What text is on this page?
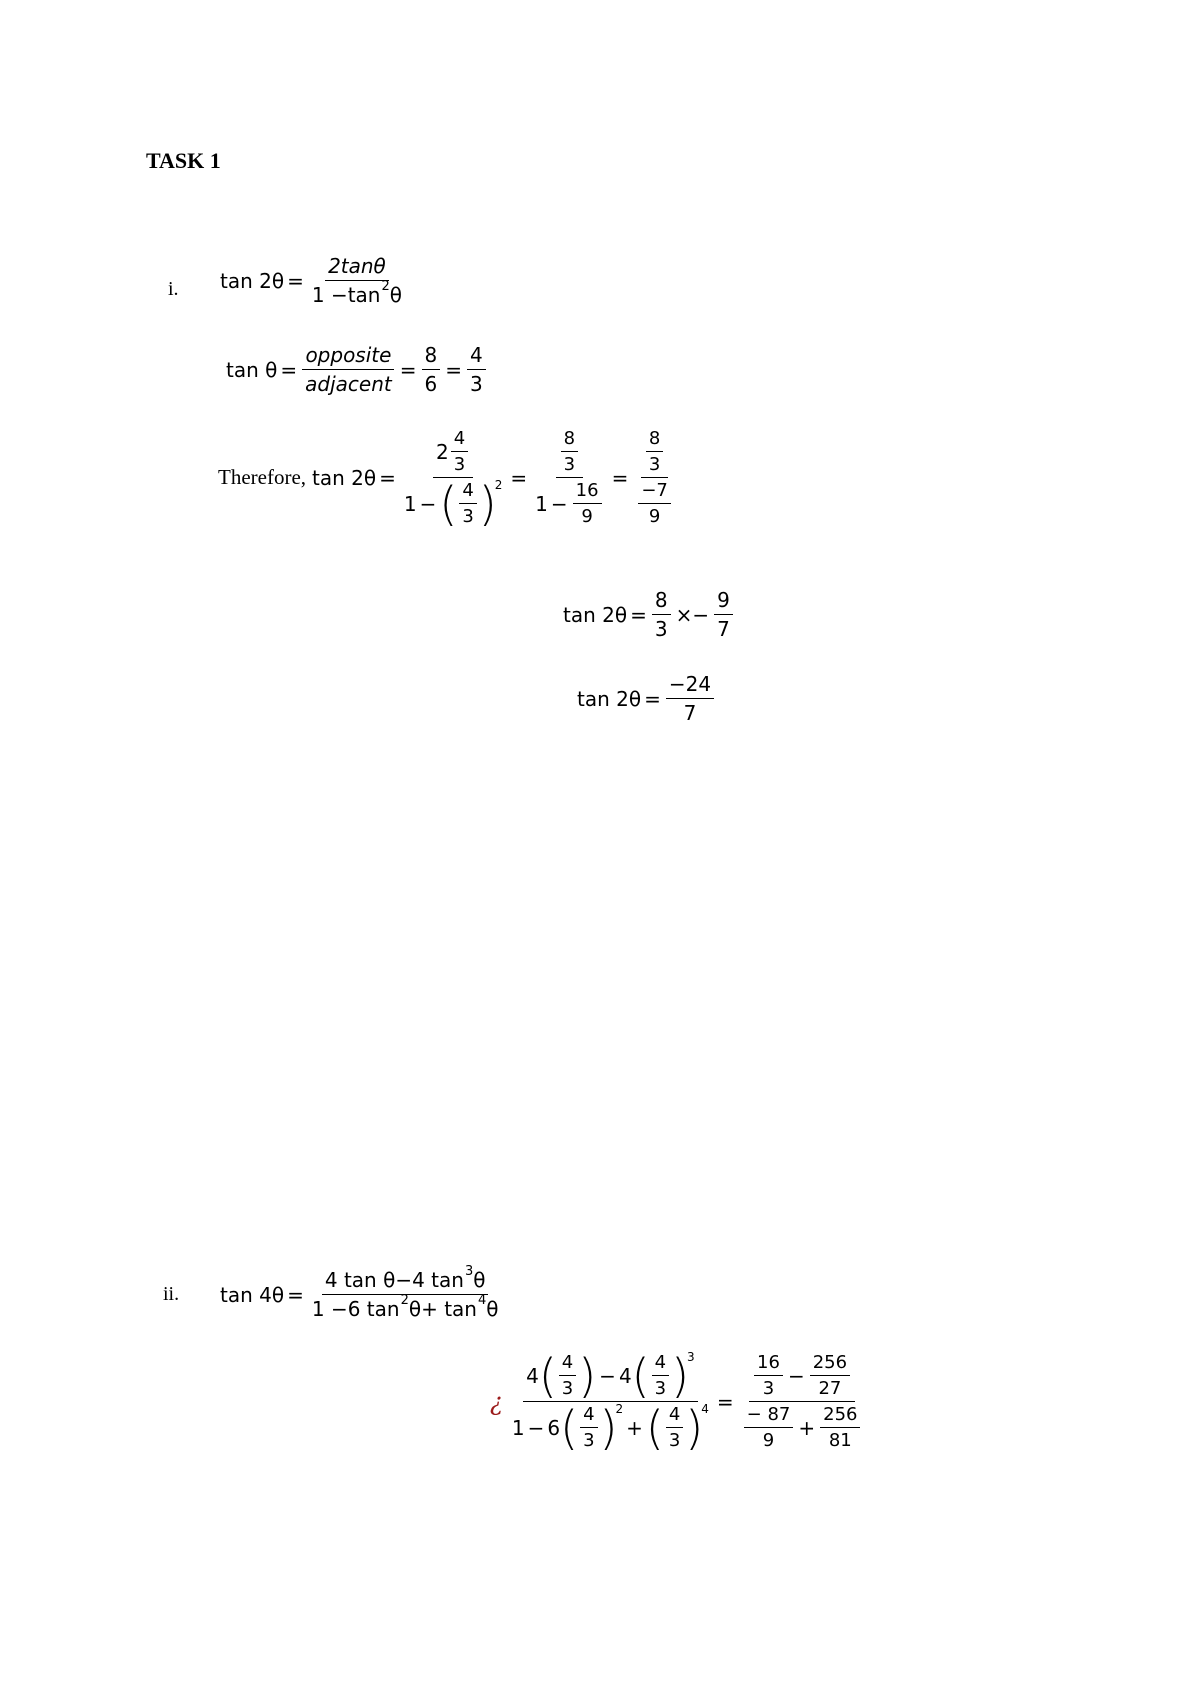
TASK 1
i. $\tan 2\theta = \frac{2\tan\theta}{1 -\tan 2 \theta}$
$\tan \theta = \frac{\text{opposite}}{\text{adjacent}} = \frac{8}{6} = \frac{4}{3}$
Therefore, $\tan 2\theta = 2 \frac{4}{3}$
1 − ( $\frac{4}{3}$
) $2 = \frac{\frac{8}{3}}{1 - \frac{16}{9}} = \frac{\frac{8}{3}}{\frac{-7}{9}}$
$\tan 2\theta = \frac{8}{3} \times- \frac{9}{7}$
$\tan 2\theta = \frac{-24}{7}$
ii. $\tan 4\theta = \frac{\text{4 tan θ−4 tan 3 θ}}{1 -6 \tan 2 \theta+ \tan 4 \theta}$
¿ 4 ( $\frac{4}{3}$
) − 4 ( $\frac{4}{3}$
) 3
1 − 6 ( $\frac{4}{3}$
) 2
+ ( $\frac{4}{3}$
) $4 = \frac{\frac{16}{3} - \frac{256}{27}}{\frac{- 87}{9} + \frac{256}{81}}$
